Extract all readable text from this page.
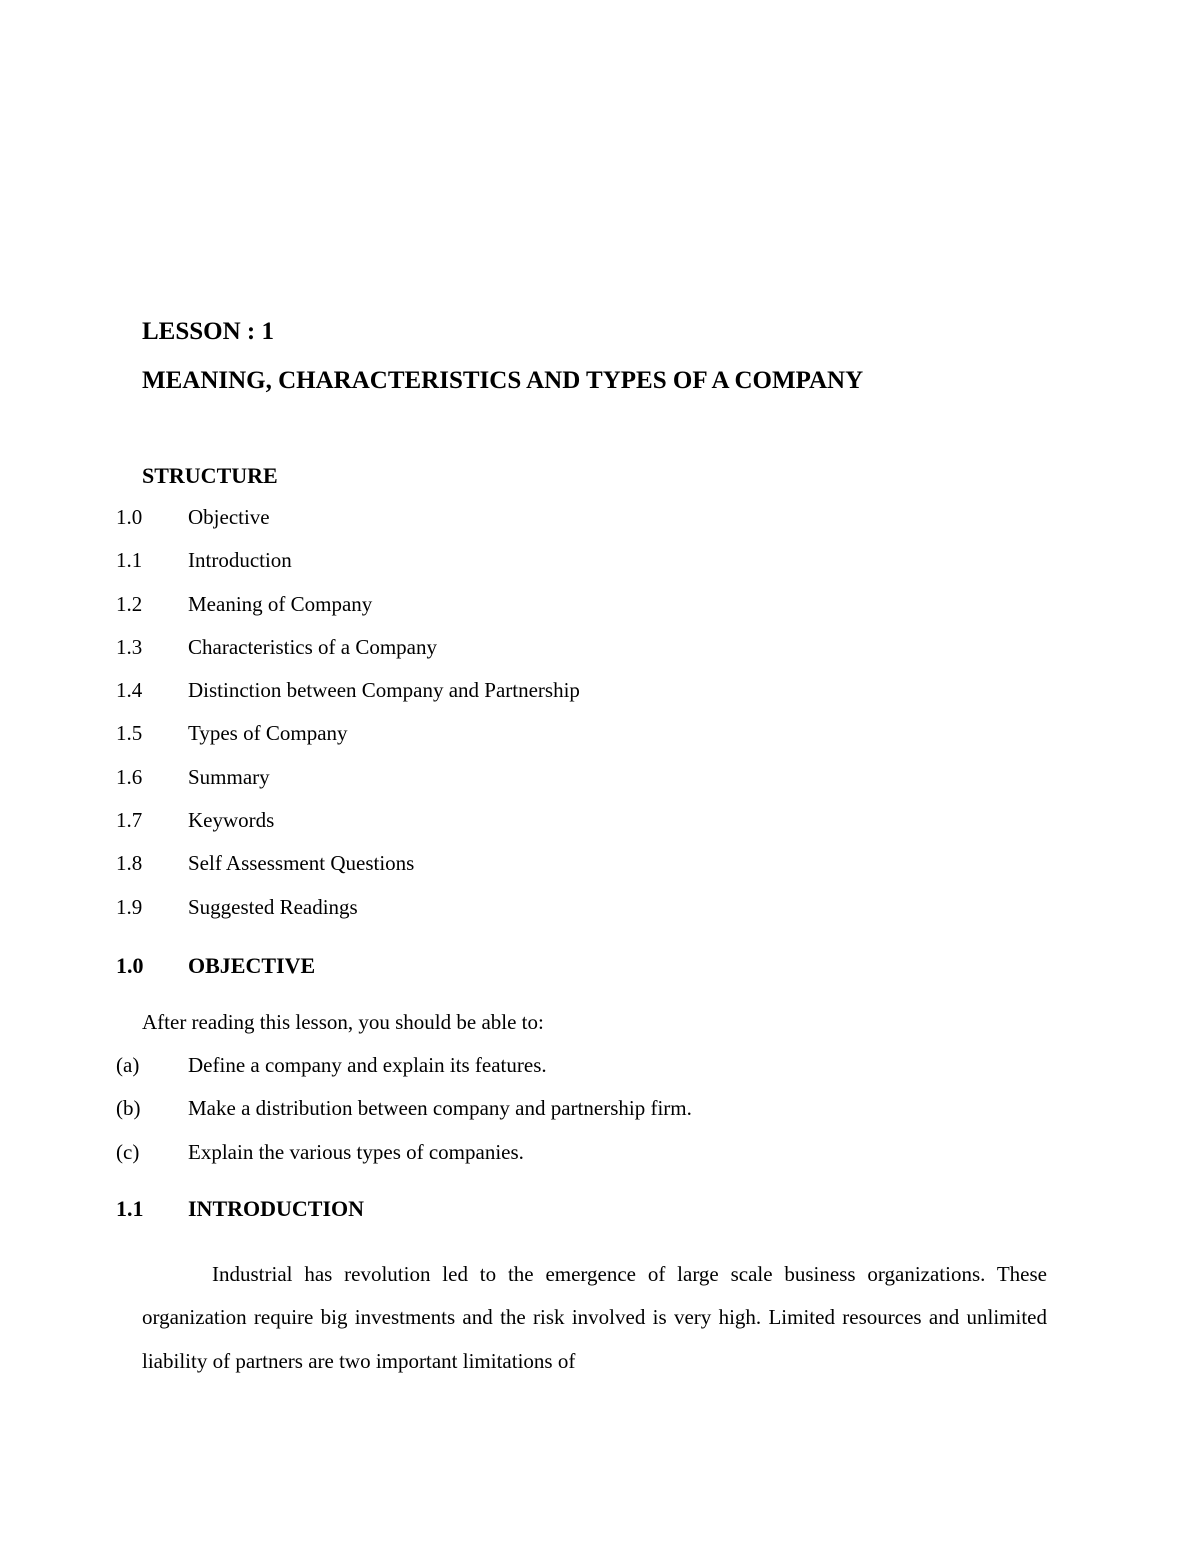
LESSON : 1
MEANING, CHARACTERISTICS AND TYPES OF A COMPANY
STRUCTURE
1.0 Objective
1.1 Introduction
1.2 Meaning of Company
1.3 Characteristics of a Company
1.4 Distinction between Company and Partnership
1.5 Types of Company
1.6 Summary
1.7 Keywords
1.8 Self Assessment Questions
1.9 Suggested Readings
1.0 OBJECTIVE
After reading this lesson, you should be able to:
(a) Define a company and explain its features.
(b) Make a distribution between company and partnership firm.
(c) Explain the various types of companies.
1.1 INTRODUCTION

Industrial has revolution led to the emergence of large scale business organizations. These organization require big investments and the risk involved is very high. Limited resources and unlimited liability of partners are two important limitations of
